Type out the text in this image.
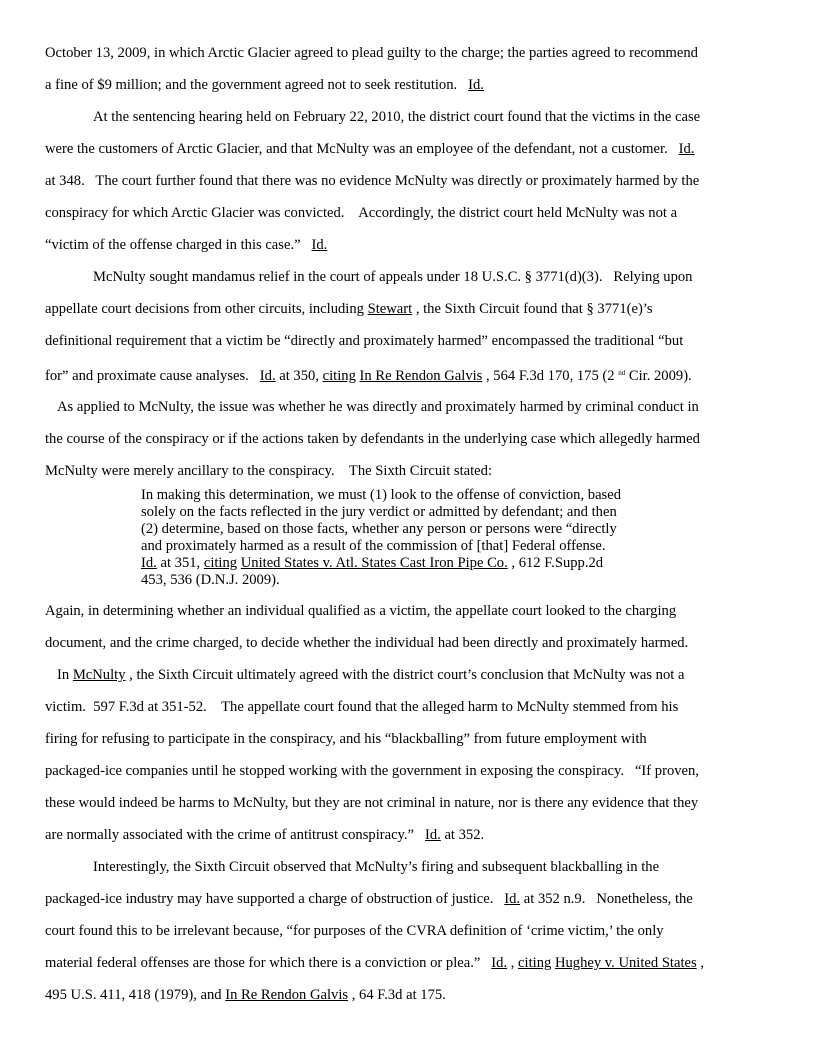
October 13, 2009, in which Arctic Glacier agreed to plead guilty to the charge; the parties agreed to recommend
a fine of $9 million; and the government agreed not to seek restitution.   Id.
At the sentencing hearing held on February 22, 2010, the district court found that the victims in the case
were the customers of Arctic Glacier, and that McNulty was an employee of the defendant, not a customer.   Id.
at 348.   The court further found that there was no evidence McNulty was directly or proximately harmed by the
conspiracy for which Arctic Glacier was convicted.    Accordingly, the district court held McNulty was not a
“victim of the offense charged in this case.”   Id.
McNulty sought mandamus relief in the court of appeals under 18 U.S.C. § 3771(d)(3).   Relying upon
appellate court decisions from other circuits, including Stewart , the Sixth Circuit found that § 3771(e)’s
definitional requirement that a victim be “directly and proximately harmed” encompassed the traditional “but
for” and proximate cause analyses.   Id. at 350, citing In Re Rendon Galvis , 564 F.3d 170, 175 (2 $^{nd}$ Cir. 2009).
As applied to McNulty, the issue was whether he was directly and proximately harmed by criminal conduct in
the course of the conspiracy or if the actions taken by defendants in the underlying case which allegedly harmed
McNulty were merely ancillary to the conspiracy.    The Sixth Circuit stated:
In making this determination, we must (1) look to the offense of conviction, based
solely on the facts reflected in the jury verdict or admitted by defendant; and then
(2) determine, based on those facts, whether any person or persons were “directly
and proximately harmed as a result of the commission of [that] Federal offense.
Id. at 351, citing United States v. Atl. States Cast Iron Pipe Co. , 612 F.Supp.2d
453, 536 (D.N.J. 2009).
Again, in determining whether an individual qualified as a victim, the appellate court looked to the charging
document, and the crime charged, to decide whether the individual had been directly and proximately harmed.
In McNulty , the Sixth Circuit ultimately agreed with the district court’s conclusion that McNulty was not a
victim.  597 F.3d at 351-52.    The appellate court found that the alleged harm to McNulty stemmed from his
firing for refusing to participate in the conspiracy, and his “blackballing” from future employment with
packaged-ice companies until he stopped working with the government in exposing the conspiracy.   “If proven,
these would indeed be harms to McNulty, but they are not criminal in nature, nor is there any evidence that they
are normally associated with the crime of antitrust conspiracy.”   Id. at 352.
Interestingly, the Sixth Circuit observed that McNulty’s firing and subsequent blackballing in the
packaged-ice industry may have supported a charge of obstruction of justice.   Id. at 352 n.9.   Nonetheless, the
court found this to be irrelevant because, “for purposes of the CVRA definition of ‘crime victim,’ the only
material federal offenses are those for which there is a conviction or plea.”   Id. , citing Hughey v. United States ,
495 U.S. 411, 418 (1979), and In Re Rendon Galvis , 64 F.3d at 175.
